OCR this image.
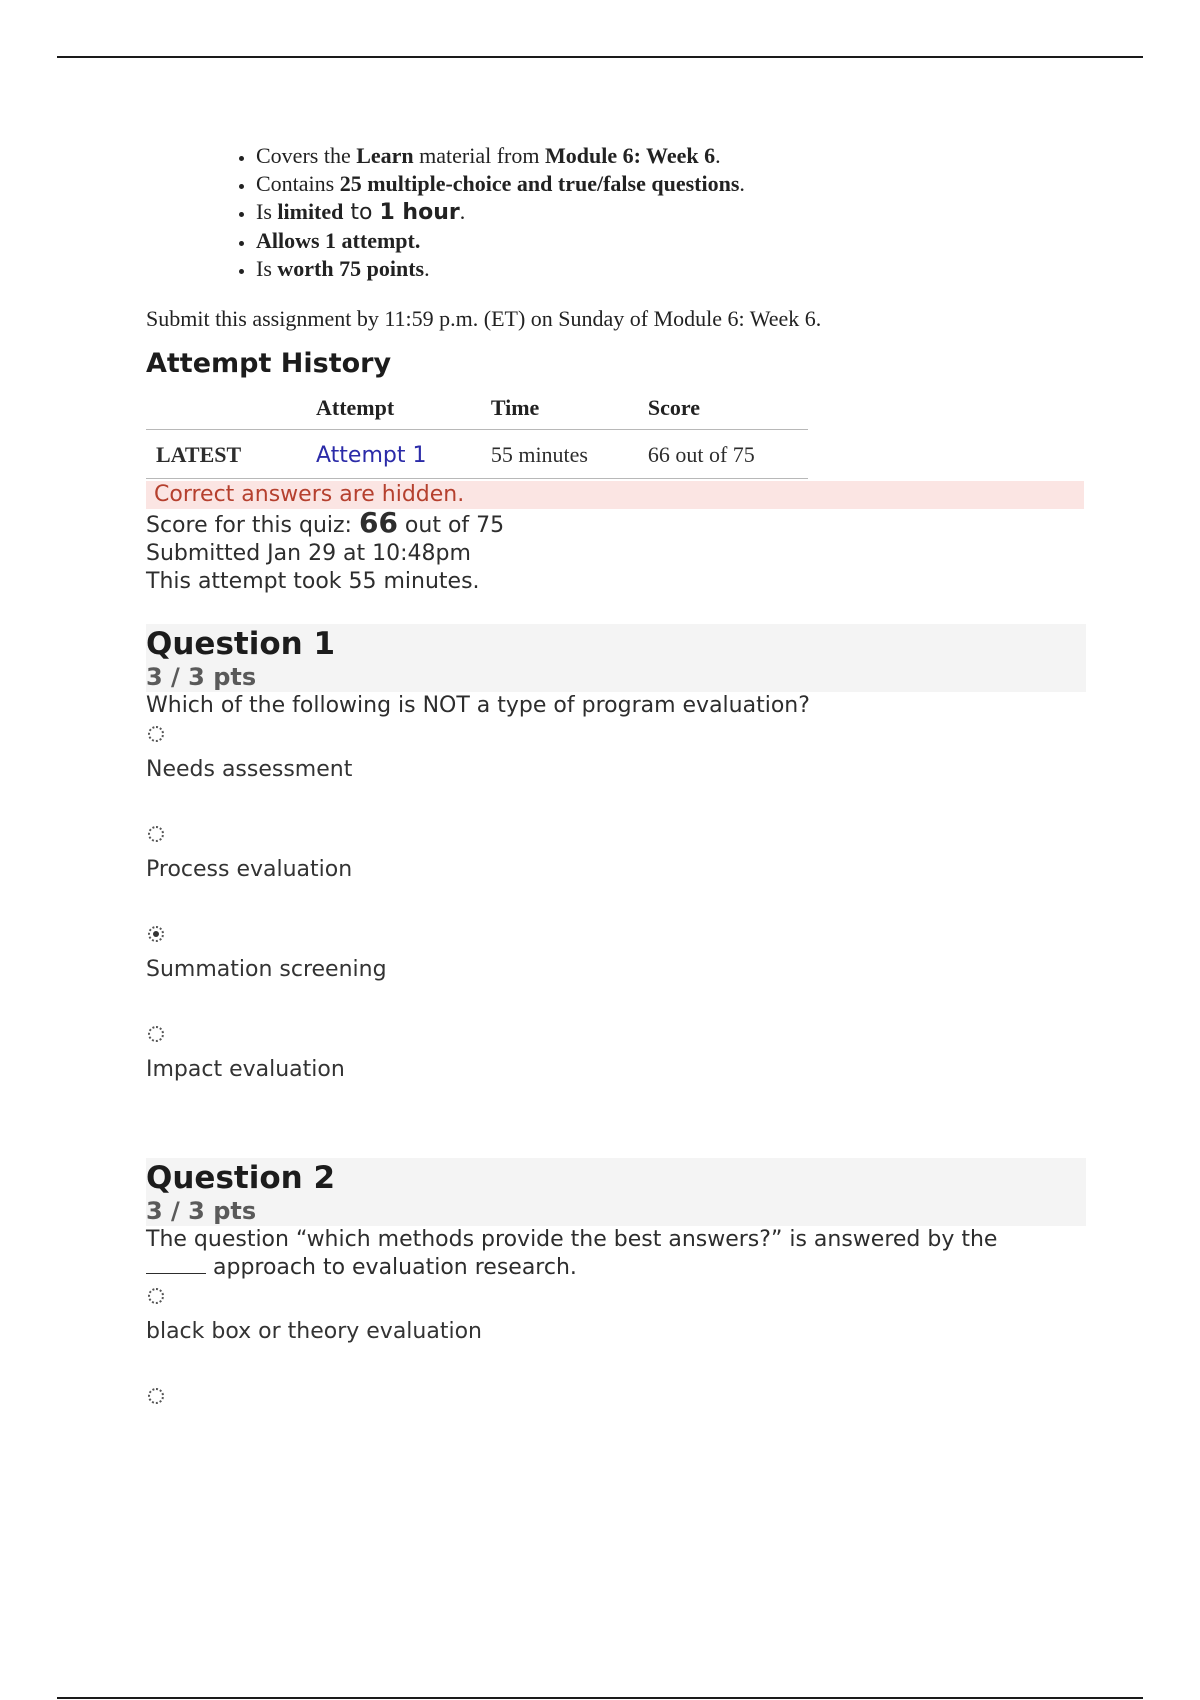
• Covers the Learn material from Module 6: Week 6.
• Contains 25 multiple-choice and true/false questions.
• Is limited to 1 hour.
• Allows 1 attempt.
• Is worth 75 points.

Submit this assignment by 11:59 p.m. (ET) on Sunday of Module 6: Week 6.

Attempt History
	Attempt	Time	Score
LATEST	Attempt 1	55 minutes	66 out of 75
Correct answers are hidden.
Score for this quiz: 66 out of 75
Submitted Jan 29 at 10:48pm
This attempt took 55 minutes.
Question 1
3 / 3 pts
Which of the following is NOT a type of program evaluation?
Needs assessment
Process evaluation
Summation screening
Impact evaluation
Question 2
3 / 3 pts
The question “which methods provide the best answers?” is answered by the
approach to evaluation research.
black box or theory evaluation
